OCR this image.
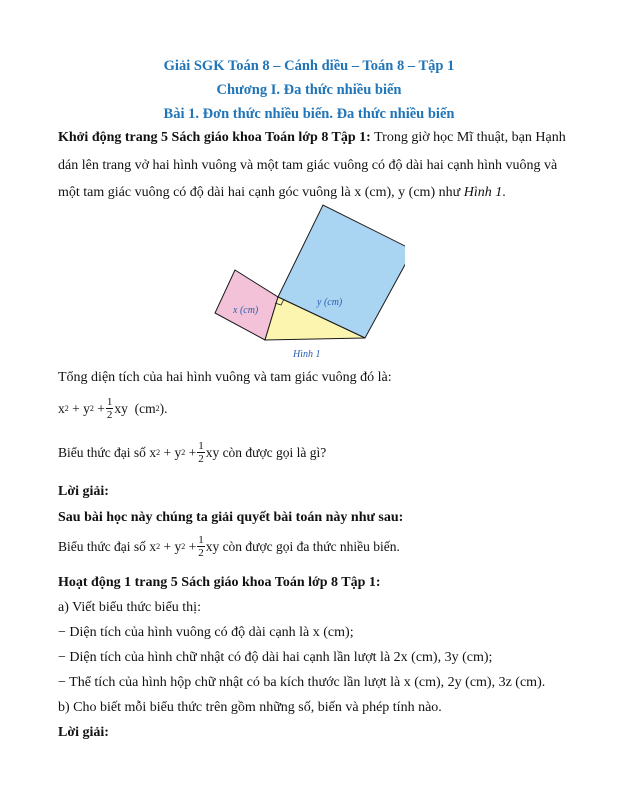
Giải SGK Toán 8 – Cánh diều – Toán 8 – Tập 1
Chương I. Đa thức nhiều biến
Bài 1. Đơn thức nhiều biến. Đa thức nhiều biến
Khởi động trang 5 Sách giáo khoa Toán lớp 8 Tập 1: Trong giờ học Mĩ thuật, bạn Hạnh
dán lên trang vở hai hình vuông và một tam giác vuông có độ dài hai cạnh hình vuông và
một tam giác vuông có độ dài hai cạnh góc vuông là x (cm), y (cm) như Hình 1.
x (cm)
y (cm)
Hình 1
Tổng diện tích của hai hình vuông và tam giác vuông đó là:
x 2
+
y 2
+ $\frac{1}{2}$ xy
(cm 2 ).
Biểu thức đại số
x 2
+
y 2
+ $\frac{1}{2}$ xy
còn được gọi là gì?
Lời giải:
Sau bài học này chúng ta giải quyết bài toán này như sau:
Biểu thức đại số
x 2
+
y 2
+ $\frac{1}{2}$ xy
còn được gọi đa thức nhiều biến.
Hoạt động 1 trang 5 Sách giáo khoa Toán lớp 8 Tập 1:
a) Viết biểu thức biểu thị:
− Diện tích của hình vuông có độ dài cạnh là x (cm);
− Diện tích của hình chữ nhật có độ dài hai cạnh lần lượt là 2x (cm), 3y (cm);
− Thể tích của hình hộp chữ nhật có ba kích thước lần lượt là x (cm), 2y (cm), 3z (cm).
b) Cho biết mỗi biểu thức trên gồm những số, biến và phép tính nào.
Lời giải:
